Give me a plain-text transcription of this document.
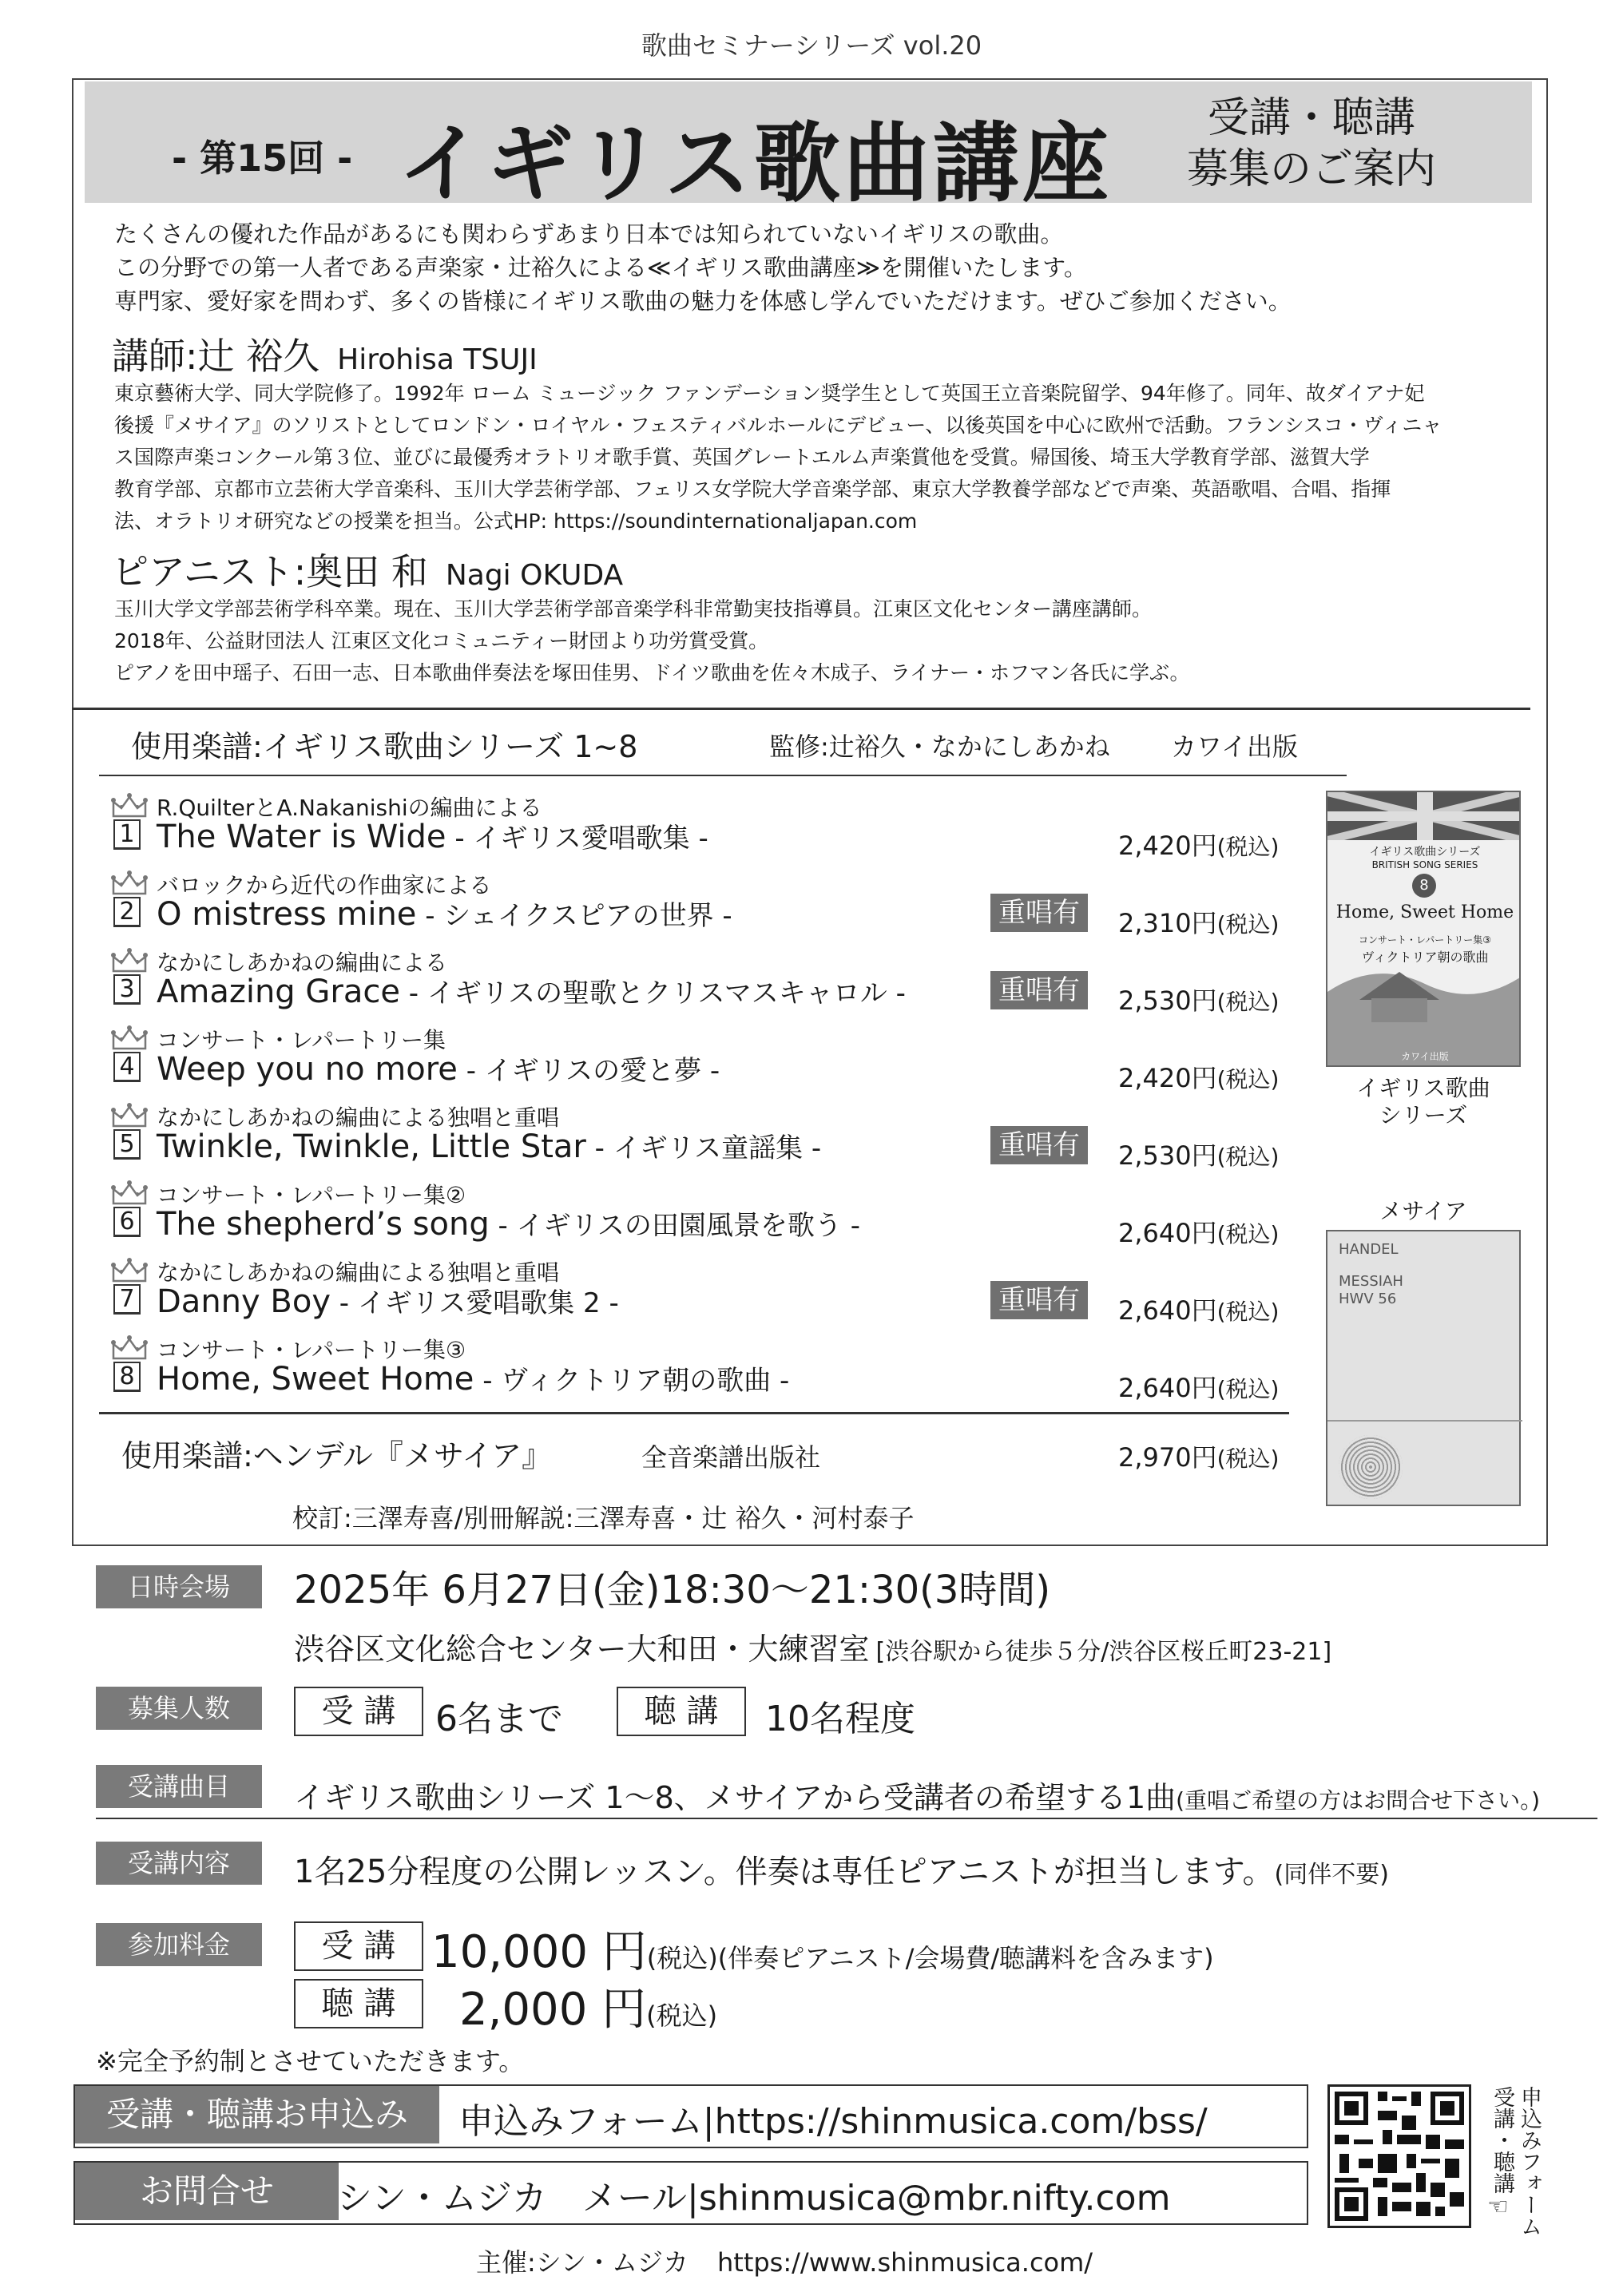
歌曲セミナーシリーズ vol.20
- 第15回 - イギリス歌曲講座	受講・聴講
募集のご案内
たくさんの優れた作品があるにも関わらずあまり日本では知られていないイギリスの歌曲。
この分野での第一人者である声楽家・辻裕久による≪イギリス歌曲講座≫を開催いたします。
専門家、愛好家を問わず、多くの皆様にイギリス歌曲の魅力を体感し学んでいただけます。ぜひご参加ください。
講師:辻 裕久 Hirohisa TSUJI
東京藝術大学、同大学院修了。1992年 ローム ミュージック ファンデーション奨学生として英国王立音楽院留学、94年修了。同年、故ダイアナ妃
後援『メサイア』のソリストとしてロンドン・ロイヤル・フェスティバルホールにデビュー、以後英国を中心に欧州で活動。フランシスコ・ヴィニャ
ス国際声楽コンクール第３位、並びに最優秀オラトリオ歌手賞、英国グレートエルム声楽賞他を受賞。帰国後、埼玉大学教育学部、滋賀大学
教育学部、京都市立芸術大学音楽科、玉川大学芸術学部、フェリス女学院大学音楽学部、東京大学教養学部などで声楽、英語歌唱、合唱、指揮
法、オラトリオ研究などの授業を担当。公式HP: https://soundinternationaljapan.com
ピアニスト:奥田 和 Nagi OKUDA
玉川大学文学部芸術学科卒業。現在、玉川大学芸術学部音楽学科非常勤実技指導員。江東区文化センター講座講師。
2018年、公益財団法人 江東区文化コミュニティー財団より功労賞受賞。
ピアノを田中瑶子、石田一志、日本歌曲伴奏法を塚田佳男、ドイツ歌曲を佐々木成子、ライナー・ホフマン各氏に学ぶ。
使用楽譜:イギリス歌曲シリーズ 1~8	監修:辻裕久・なかにしあかね カワイ出版
1
R.QuilterとA.Nakanishiの編曲による
The Water is Wide - イギリス愛唱歌集 -	2,420円(税込)
2
バロックから近代の作曲家による
O mistress mine - シェイクスピアの世界 -	重唱有	2,310円(税込)
3
なかにしあかねの編曲による
Amazing Grace - イギリスの聖歌とクリスマスキャロル -	重唱有	2,530円(税込)
4
コンサート・レパートリー集
Weep you no more - イギリスの愛と夢 -	2,420円(税込)
5
なかにしあかねの編曲による独唱と重唱
Twinkle, Twinkle, Little Star - イギリス童謡集 -	重唱有	2,530円(税込)
6
コンサート・レパートリー集②
The shepherd’s song - イギリスの田園風景を歌う -	2,640円(税込)
7
なかにしあかねの編曲による独唱と重唱
Danny Boy - イギリス愛唱歌集 2 -	重唱有	2,640円(税込)
8
コンサート・レパートリー集③
Home, Sweet Home - ヴィクトリア朝の歌曲 -	2,640円(税込)
使用楽譜:ヘンデル『メサイア』	全音楽譜出版社	2,970円(税込)
校訂:三澤寿喜/別冊解説:三澤寿喜・辻 裕久・河村泰子
イギリス歌曲シリーズ
BRITISH SONG SERIES
8
Home, Sweet Home
コンサート・レパートリー集③
ヴィクトリア朝の歌曲
カワイ出版
イギリス歌曲
シリーズ
メサイア
HANDEL
MESSIAH
HWV 56
日時会場	2025年 6月27日(金)18:30〜21:30(3時間)
渋谷区文化総合センター大和田・大練習室 [渋谷駅から徒歩５分/渋谷区桜丘町23-21]
募集人数	受 講	6名まで	聴 講	10名程度
受講曲目	イギリス歌曲シリーズ 1〜8、メサイアから受講者の希望する1曲(重唱ご希望の方はお問合せ下さい。)
受講内容	1名25分程度の公開レッスン。伴奏は専任ピアニストが担当します。(同伴不要)
参加料金	受 講 10,000 円(税込)(伴奏ピアニスト/会場費/聴講料を含みます)
聴 講	2,000 円(税込)
※完全予約制とさせていただきます。
受講・聴講お申込み	申込みフォーム|https://shinmusica.com/bss/
お問合せ	シン・ムジカ　メール|shinmusica@mbr.nifty.com	申込みフォーム
受講・聴講
☜
主催:シン・ムジカ https://www.shinmusica.com/
